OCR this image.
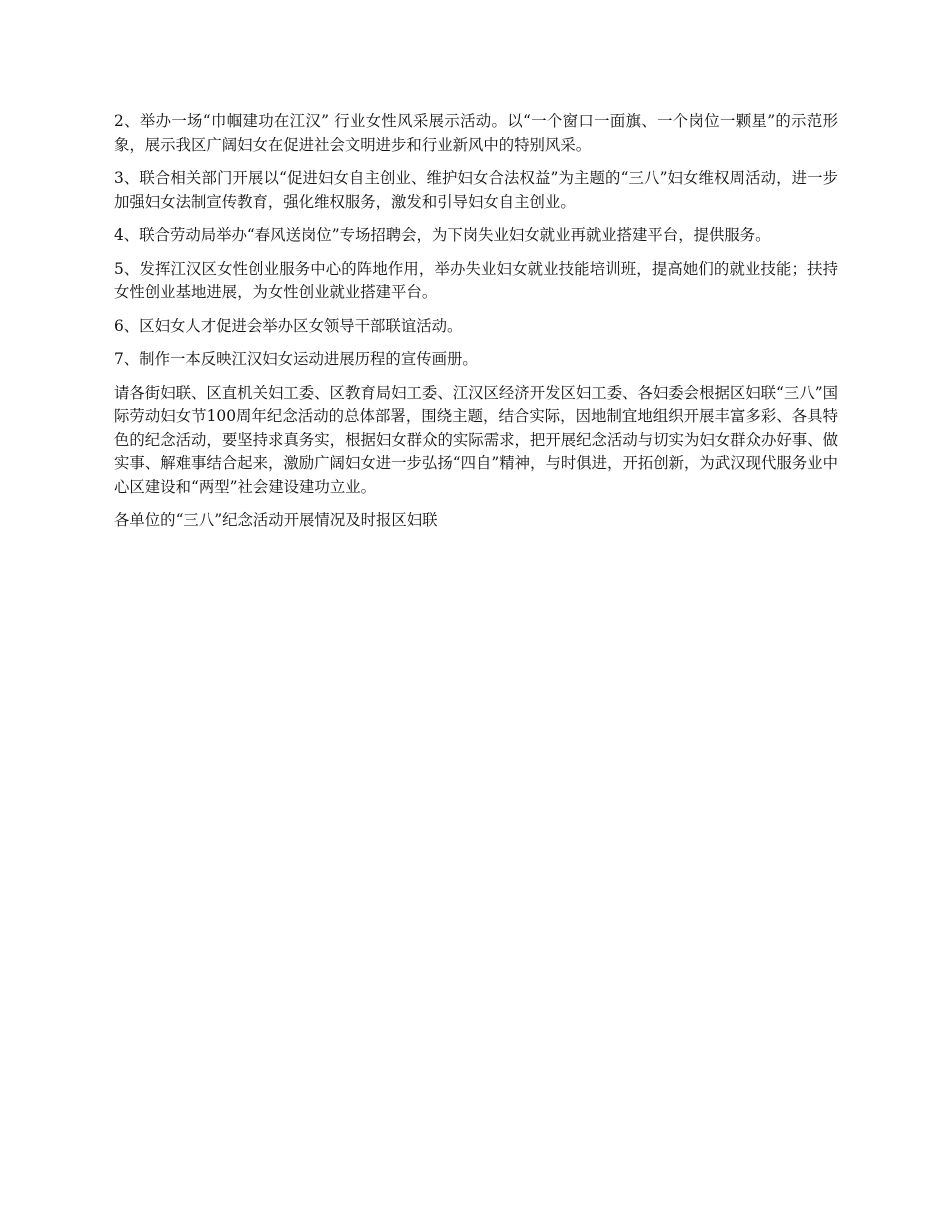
2、举办一场“巾帼建功在江汉” 行业女性风采展示活动。以“一个窗口一面旗、一个岗位一颗星”的示范形象，展示我区广阔妇女在促进社会文明进步和行业新风中的特别风采。

3、联合相关部门开展以“促进妇女自主创业、维护妇女合法权益”为主题的“三八”妇女维权周活动，进一步加强妇女法制宣传教育，强化维权服务，激发和引导妇女自主创业。

4、联合劳动局举办“春风送岗位”专场招聘会，为下岗失业妇女就业再就业搭建平台，提供服务。

5、发挥江汉区女性创业服务中心的阵地作用，举办失业妇女就业技能培训班，提高她们的就业技能；扶持女性创业基地进展，为女性创业就业搭建平台。

6、区妇女人才促进会举办区女领导干部联谊活动。

7、制作一本反映江汉妇女运动进展历程的宣传画册。

请各街妇联、区直机关妇工委、区教育局妇工委、江汉区经济开发区妇工委、各妇委会根据区妇联“三八”国际劳动妇女节100周年纪念活动的总体部署，围绕主题，结合实际，因地制宜地组织开展丰富多彩、各具特色的纪念活动，要坚持求真务实，根据妇女群众的实际需求，把开展纪念活动与切实为妇女群众办好事、做实事、解难事结合起来，激励广阔妇女进一步弘扬“四自”精神，与时俱进，开拓创新，为武汉现代服务业中心区建设和“两型”社会建设建功立业。

各单位的“三八”纪念活动开展情况及时报区妇联
